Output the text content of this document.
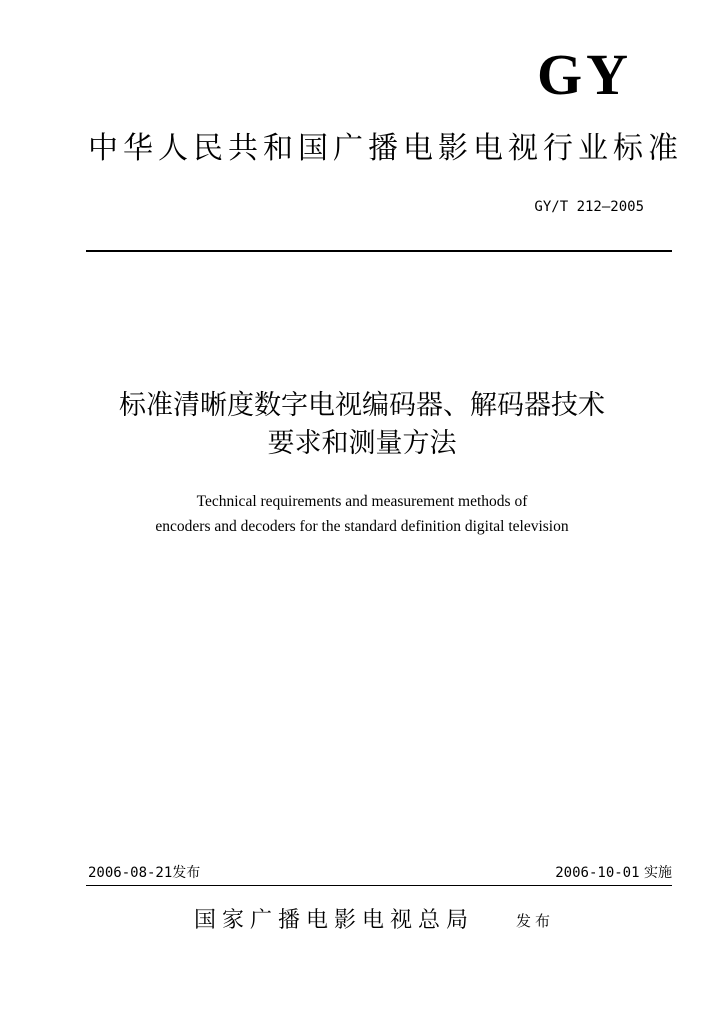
GY
中华人民共和国广播电影电视行业标准
GY/T 212—2005
标准清晰度数字电视编码器、解码器技术
要求和测量方法
Technical requirements and measurement methods of
encoders and decoders for the standard definition digital television
2006-08-21发布	2006-10-01 实施
国家广播电影电视总局	发布
